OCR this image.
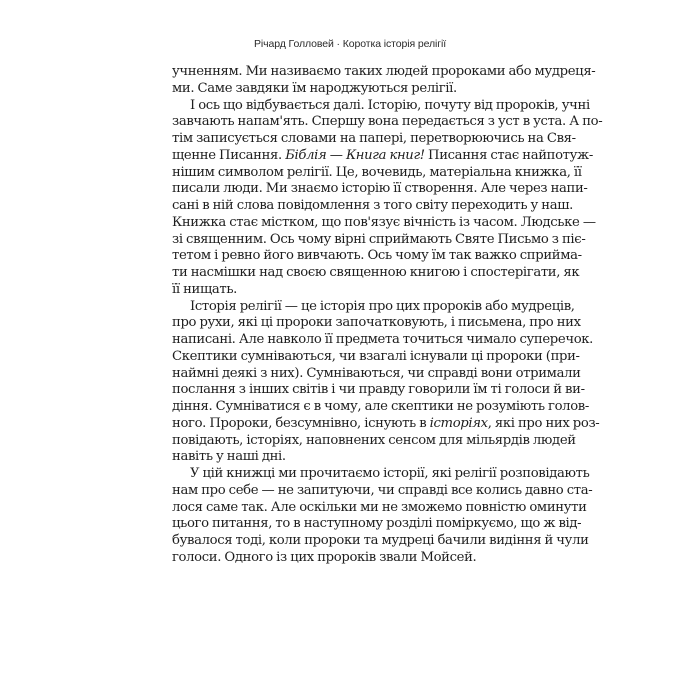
Річард Голловей · Коротка історія релігії
учненням. Ми називаємо таких людей пророками або мудреця-
ми. Саме завдяки їм народжуються релігії.
І ось що відбувається далі. Історію, почуту від пророків, учні
завчають напам'ять. Спершу вона передається з уст в уста. А по-
тім записується словами на папері, перетворюючись на Свя-
щенне Писання. Біблія — Книга книг! Писання стає найпотуж-
нішим символом релігії. Це, вочевидь, матеріальна книжка, її
писали люди. Ми знаємо історію її створення. Але через напи-
сані в ній слова повідомлення з того світу переходить у наш.
Книжка стає містком, що пов'язує вічність із часом. Людське —
зі священним. Ось чому вірні сприймають Святе Письмо з піє-
тетом і ревно його вивчають. Ось чому їм так важко сприйма-
ти насмішки над своєю священною книгою і спостерігати, як
її нищать.
Історія релігії — це історія про цих пророків або мудреців,
про рухи, які ці пророки започатковують, і письмена, про них
написані. Але навколо її предмета точиться чимало суперечок.
Скептики сумніваються, чи взагалі існували ці пророки (при-
наймні деякі з них). Сумніваються, чи справді вони отримали
послання з інших світів і чи правду говорили їм ті голоси й ви-
діння. Сумніватися є в чому, але скептики не розуміють голов-
ного. Пророки, безсумнівно, існують в історіях, які про них роз-
повідають, історіях, наповнених сенсом для мільярдів людей
навіть у наші дні.
У цій книжці ми прочитаємо історії, які релігії розповідають
нам про себе — не запитуючи, чи справді все колись давно ста-
лося саме так. Але оскільки ми не зможемо повністю оминути
цього питання, то в наступному розділі поміркуємо, що ж від-
бувалося тоді, коли пророки та мудреці бачили видіння й чули
голоси. Одного із цих пророків звали Мойсей.
